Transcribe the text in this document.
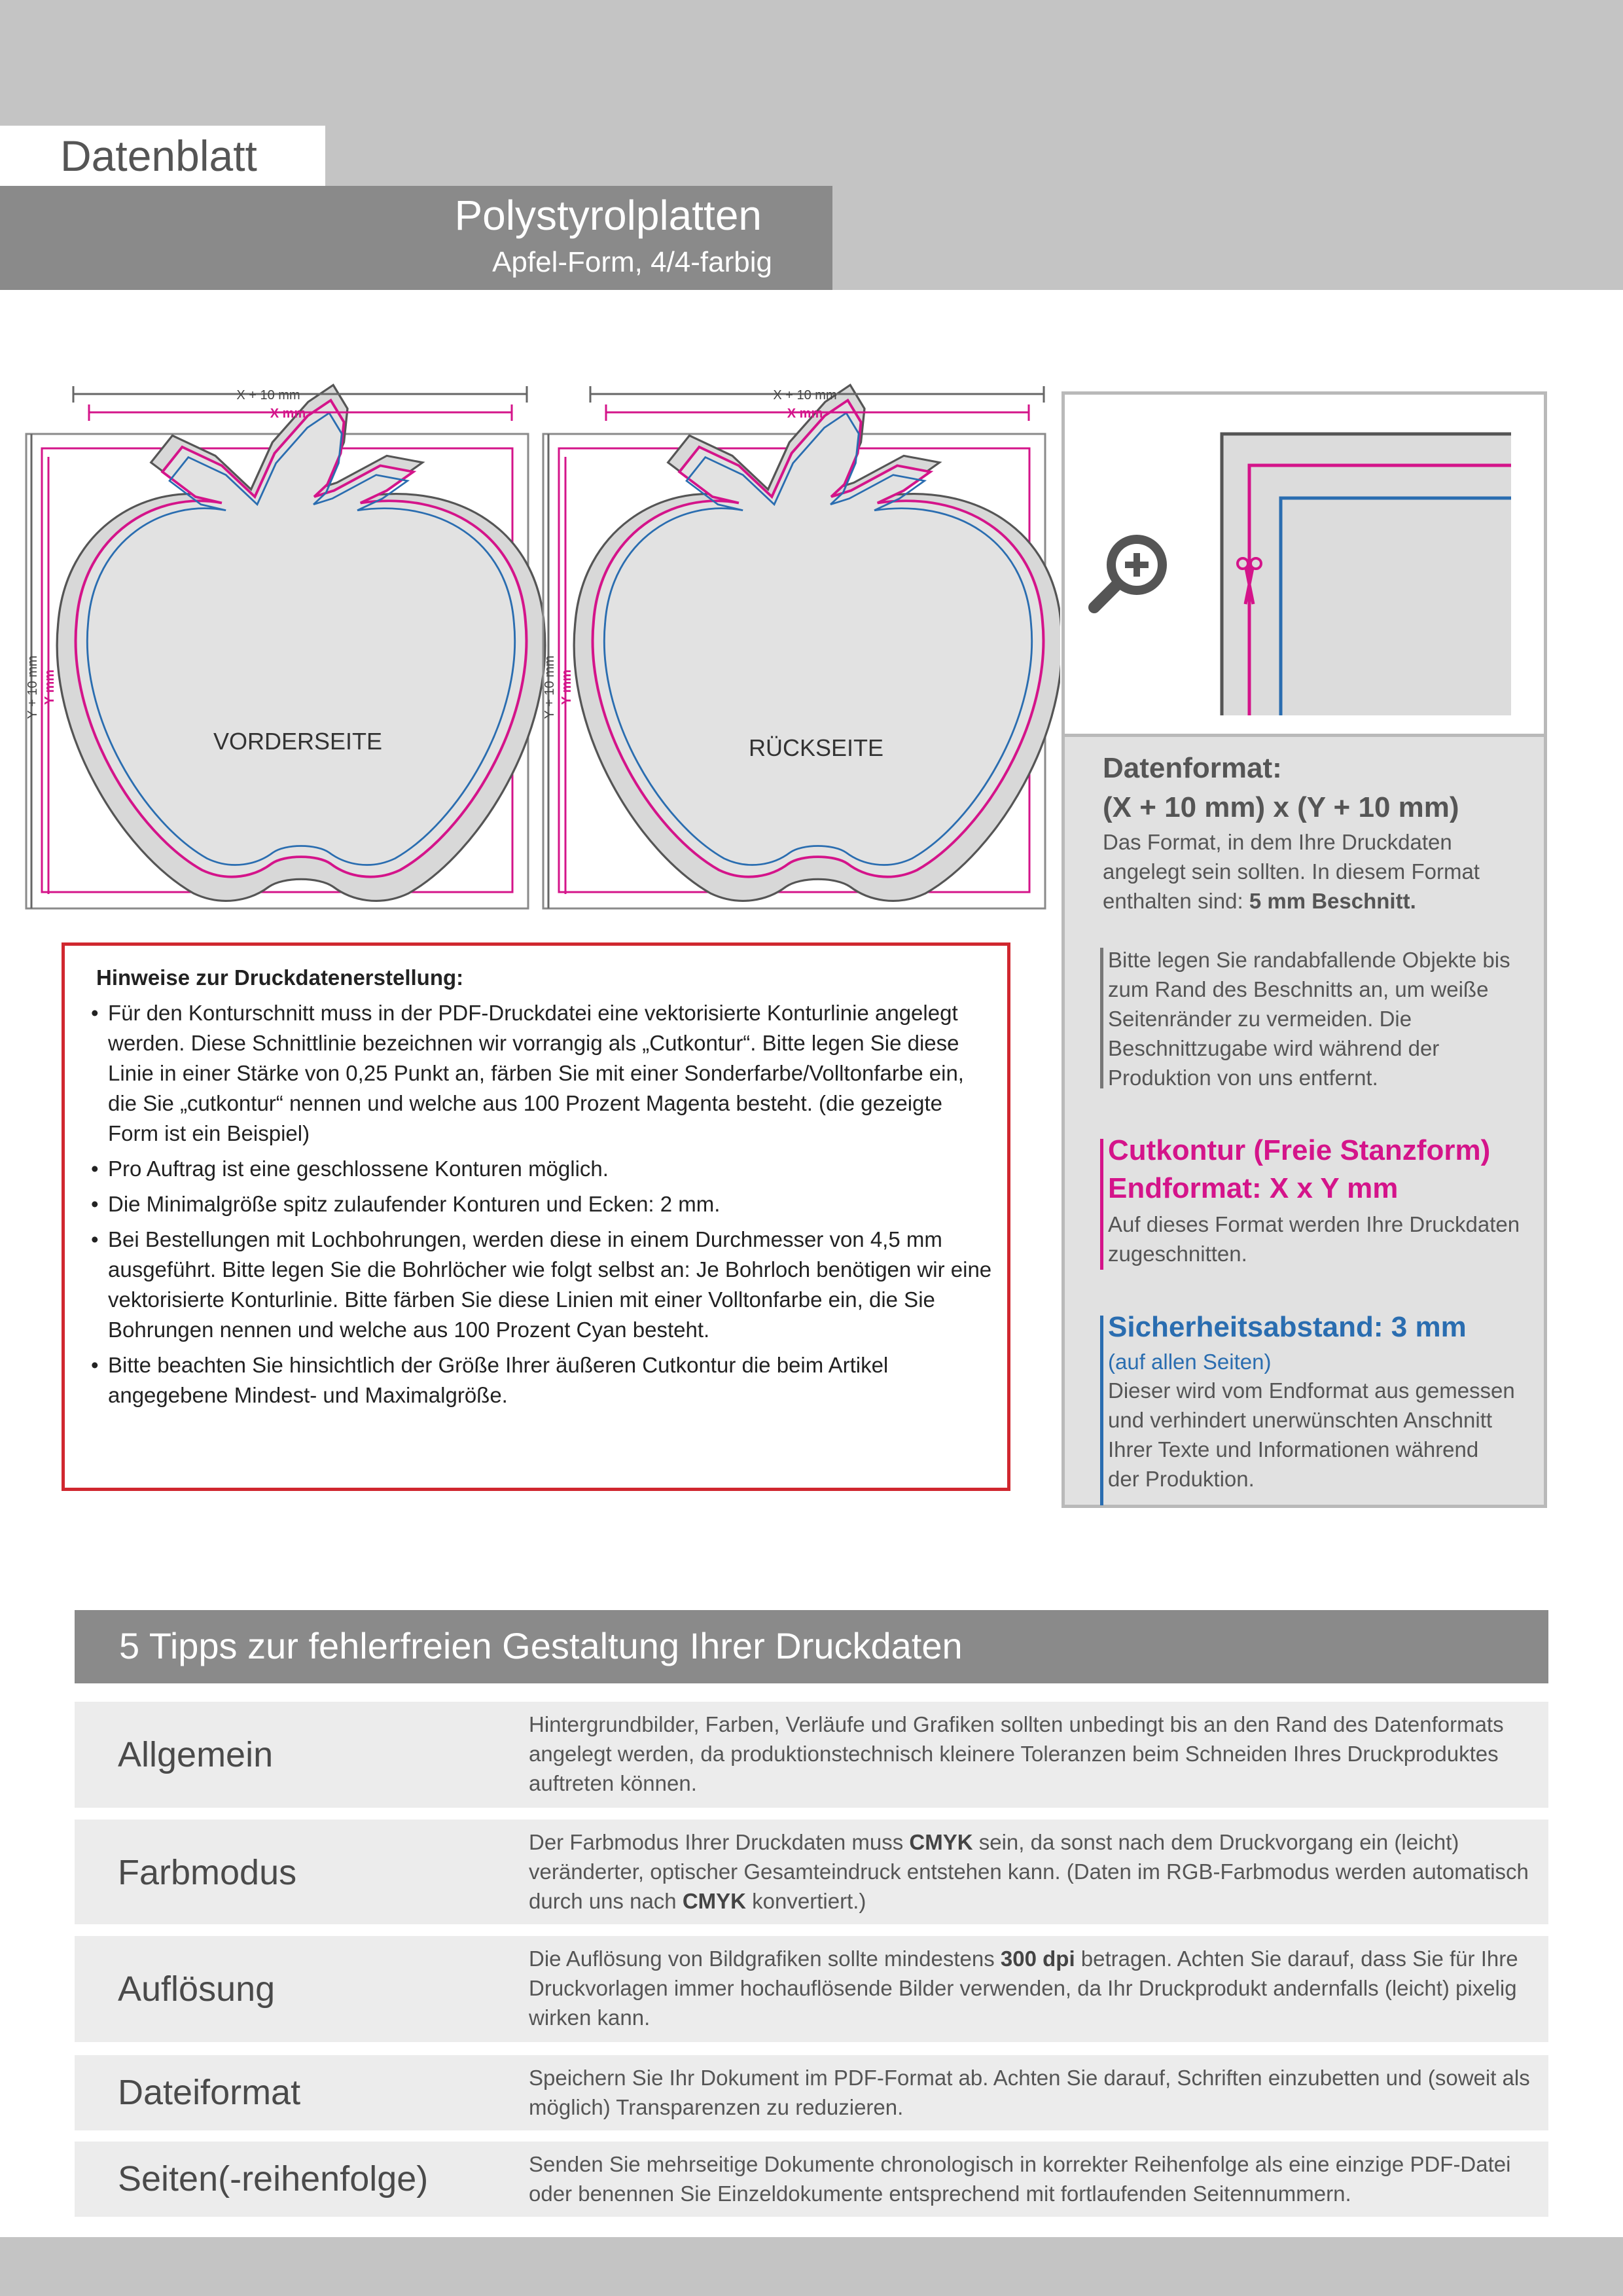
Datenblatt
Polystyrolplatten
Apfel-Form, 4/4-farbig
VORDERSEITE
X + 10 mm
X mm
Y + 10 mm Y mm
RÜCKSEITE
X + 10 mm
X mm
Y + 10 mm Y mm
Datenformat:
(X + 10 mm) x (Y + 10 mm)
Das Format, in dem Ihre Druckdaten
angelegt sein sollten. In diesem Format
enthalten sind: 5 mm Beschnitt.
Bitte legen Sie randabfallende Objekte bis
zum Rand des Beschnitts an, um weiße
Seitenränder zu vermeiden. Die
Beschnittzugabe wird während der
Produktion von uns entfernt.
Cutkontur (Freie Stanzform)
Endformat: X x Y mm
Auf dieses Format werden Ihre Druckdaten
zugeschnitten.
Sicherheitsabstand: 3 mm
(auf allen Seiten)
Dieser wird vom Endformat aus gemessen
und verhindert unerwünschten Anschnitt
Ihrer Texte und Informationen während
der Produktion.
Hinweise zur Druckdatenerstellung:
• Für den Konturschnitt muss in der PDF-Druckdatei eine vektorisierte Konturlinie angelegt werden. Diese Schnittlinie bezeichnen wir vorrangig als „Cutkontur“. Bitte legen Sie diese Linie in einer Stärke von 0,25 Punkt an, färben Sie mit einer Sonderfarbe/Volltonfarbe ein, die Sie „cutkontur“ nennen und welche aus 100 Prozent Magenta besteht. (die gezeigte Form ist ein Beispiel)
• Pro Auftrag ist eine geschlossene Konturen möglich.
• Die Minimalgröße spitz zulaufender Konturen und Ecken: 2 mm.
• Bei Bestellungen mit Lochbohrungen, werden diese in einem Durchmesser von 4,5 mm ausgeführt. Bitte legen Sie die Bohrlöcher wie folgt selbst an: Je Bohrloch benötigen wir eine vektorisierte Konturlinie. Bitte färben Sie diese Linien mit einer Volltonfarbe ein, die Sie Bohrungen nennen und welche aus 100 Prozent Cyan besteht.
• Bitte beachten Sie hinsichtlich der Größe Ihrer äußeren Cutkontur die beim Artikel angegebene Mindest- und Maximalgröße.
5 Tipps zur fehlerfreien Gestaltung Ihrer Druckdaten
Allgemein
Hintergrundbilder, Farben, Verläufe und Grafiken sollten unbedingt bis an den Rand des Datenformats angelegt werden, da produktionstechnisch kleinere Toleranzen beim Schneiden Ihres Druckproduktes auftreten können.
Farbmodus
Der Farbmodus Ihrer Druckdaten muss CMYK sein, da sonst nach dem Druckvorgang ein (leicht) veränderter, optischer Gesamteindruck entstehen kann. (Daten im RGB-Farbmodus werden automatisch durch uns nach CMYK konvertiert.)
Auflösung
Die Auflösung von Bildgrafiken sollte mindestens 300 dpi betragen. Achten Sie darauf, dass Sie für Ihre Druckvorlagen immer hochauflösende Bilder verwenden, da Ihr Druckprodukt andernfalls (leicht) pixelig wirken kann.
Dateiformat	Speichern Sie Ihr Dokument im PDF-Format ab. Achten Sie darauf, Schriften einzubetten und (soweit als möglich) Transparenzen zu reduzieren.
Seiten(-reihenfolge)	Senden Sie mehrseitige Dokumente chronologisch in korrekter Reihenfolge als eine einzige PDF-Datei oder benennen Sie Einzeldokumente entsprechend mit fortlaufenden Seitennummern.
